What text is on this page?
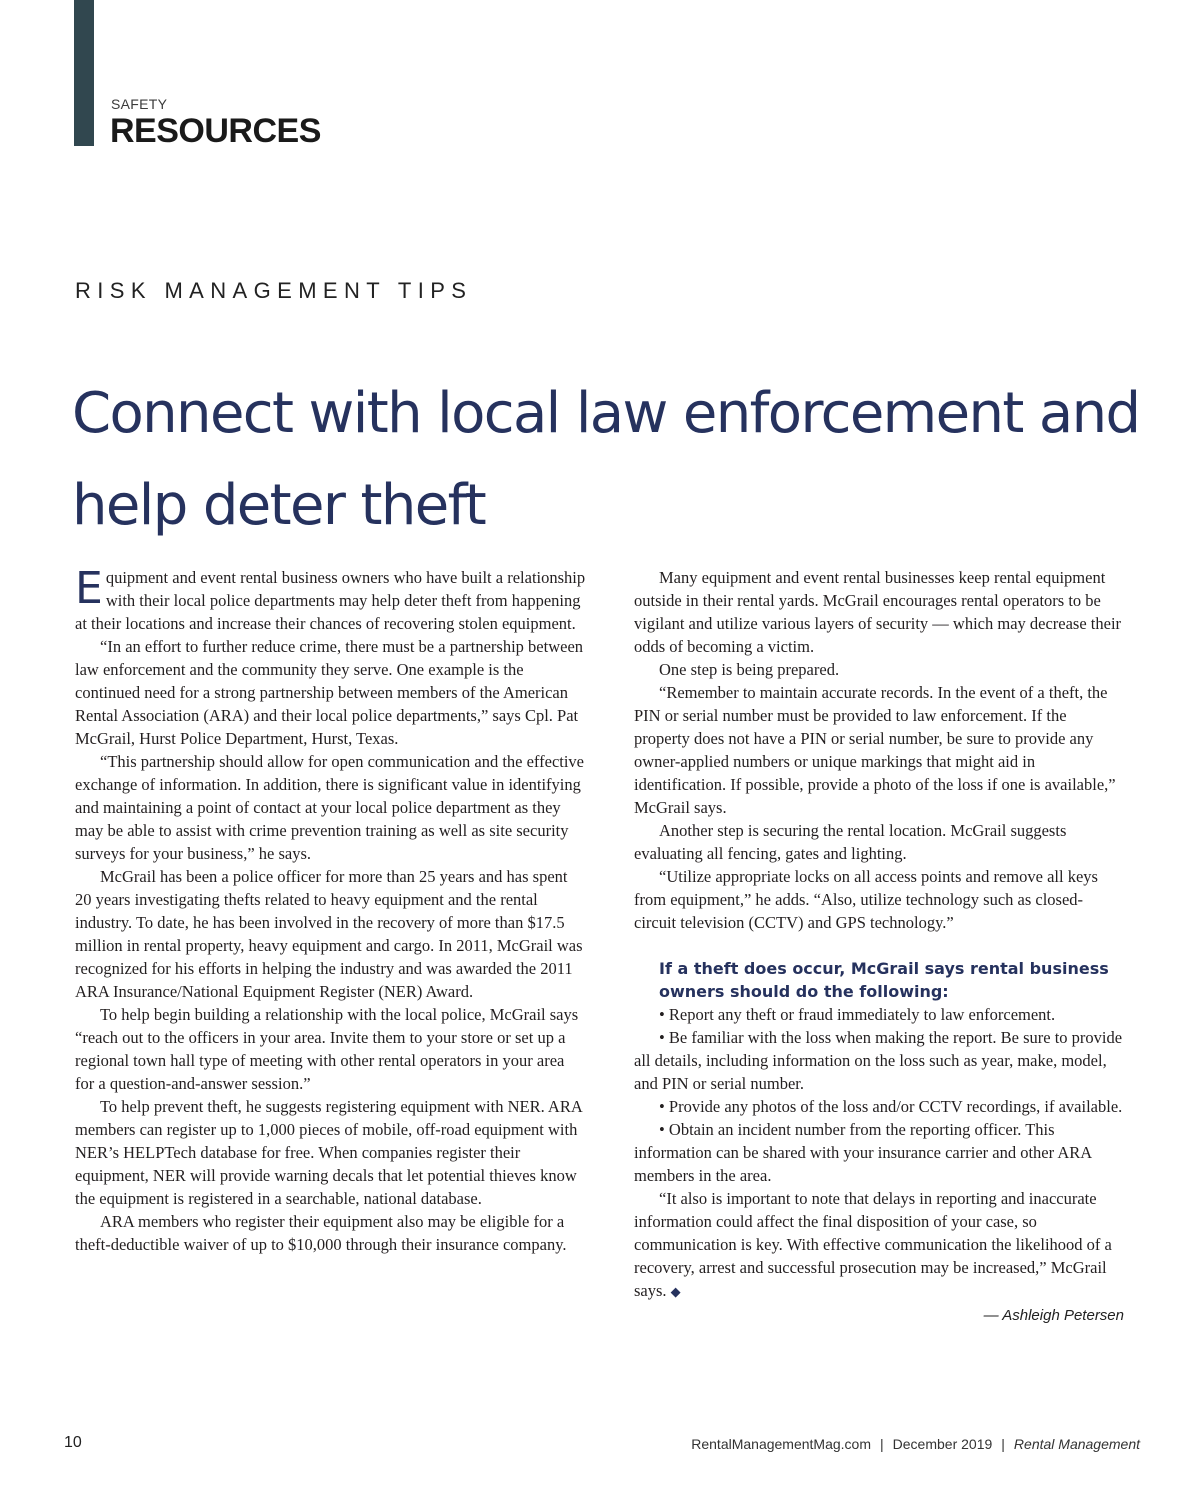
SAFETY
RESOURCES
RISK MANAGEMENT TIPS
Connect with local law enforcement and help deter theft

Equipment and event rental business owners who have built a relationship with their local police departments may help deter theft from happening at their locations and increase their chances of recovering stolen equipment.

“In an effort to further reduce crime, there must be a partnership between law enforcement and the community they serve. One example is the continued need for a strong partnership between members of the American Rental Association (ARA) and their local police departments,” says Cpl. Pat McGrail, Hurst Police Department, Hurst, Texas.

“This partnership should allow for open communication and the effective exchange of information. In addition, there is significant value in identifying and maintaining a point of contact at your local police department as they may be able to assist with crime prevention training as well as site security surveys for your business,” he says.

McGrail has been a police officer for more than 25 years and has spent 20 years investigating thefts related to heavy equipment and the rental industry. To date, he has been involved in the recovery of more than $17.5 million in rental property, heavy equipment and cargo. In 2011, McGrail was recognized for his efforts in helping the industry and was awarded the 2011 ARA Insurance/National Equipment Register (NER) Award.

To help begin building a relationship with the local police, McGrail says “reach out to the officers in your area. Invite them to your store or set up a regional town hall type of meeting with other rental operators in your area for a question-and-answer session.”

To help prevent theft, he suggests registering equipment with NER. ARA members can register up to 1,000 pieces of mobile, off-road equipment with NER’s HELPTech database for free. When companies register their equipment, NER will provide warning decals that let potential thieves know the equipment is registered in a searchable, national database.

ARA members who register their equipment also may be eligible for a theft-deductible waiver of up to $10,000 through their insurance company.

Many equipment and event rental businesses keep rental equipment outside in their rental yards. McGrail encourages rental operators to be vigilant and utilize various layers of security — which may decrease their odds of becoming a victim.

One step is being prepared.

“Remember to maintain accurate records. In the event of a theft, the PIN or serial number must be provided to law enforcement. If the property does not have a PIN or serial number, be sure to provide any owner-applied numbers or unique markings that might aid in identification. If possible, provide a photo of the loss if one is available,” McGrail says.

Another step is securing the rental location. McGrail suggests evaluating all fencing, gates and lighting.

“Utilize appropriate locks on all access points and remove all keys from equipment,” he adds. “Also, utilize technology such as closed-circuit television (CCTV) and GPS technology.”

If a theft does occur, McGrail says rental business owners should do the following:

• Report any theft or fraud immediately to law enforcement.

• Be familiar with the loss when making the report. Be sure to provide all details, including information on the loss such as year, make, model, and PIN or serial number.

• Provide any photos of the loss and/or CCTV recordings, if available.

• Obtain an incident number from the reporting officer. This information can be shared with your insurance carrier and other ARA members in the area.

“It also is important to note that delays in reporting and inaccurate information could affect the final disposition of your case, so communication is key. With effective communication the likelihood of a recovery, arrest and successful prosecution may be increased,” McGrail says. ◆

— Ashleigh Petersen
10	RentalManagementMag.com | December 2019 | Rental Management
